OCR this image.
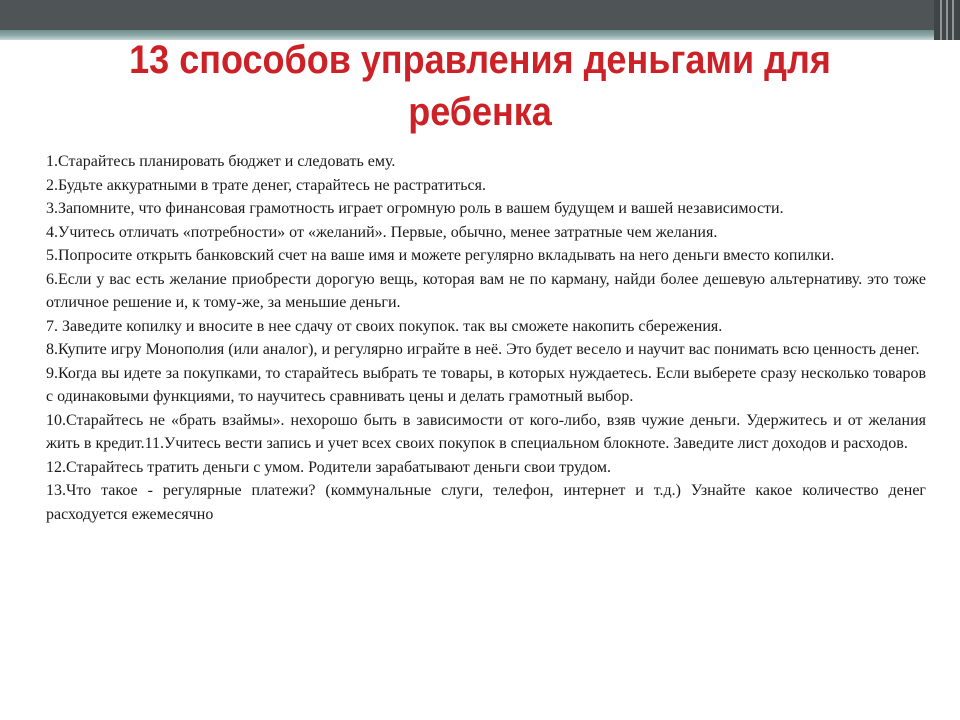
13 способов управления деньгами для ребенка
1.Старайтесь планировать бюджет и следовать ему.
2.Будьте аккуратными в трате денег, старайтесь не растратиться.
3.Запомните, что финансовая грамотность играет огромную роль в вашем будущем и вашей независимости.
4.Учитесь отличать «потребности» от «желаний». Первые, обычно, менее затратные чем желания.
5.Попросите открыть банковский счет на ваше имя и можете регулярно вкладывать на него деньги вместо копилки.
6.Если у вас есть желание приобрести дорогую вещь, которая вам не по карману, найди более дешевую альтернативу. это тоже отличное решение и, к тому-же, за меньшие деньги.
7. Заведите копилку и вносите в нее сдачу от своих покупок. так вы сможете накопить сбережения.
8.Купите игру Монополия (или аналог), и регулярно играйте в неё. Это будет весело и научит вас понимать всю ценность денег.
9.Когда вы идете за покупками, то старайтесь выбрать те товары, в которых нуждаетесь. Если выберете сразу несколько товаров с одинаковыми функциями, то научитесь сравнивать цены и делать грамотный выбор.
10.Старайтесь не «брать взаймы». нехорошо быть в зависимости от кого-либо, взяв чужие деньги. Удержитесь и от желания жить в кредит.11.Учитесь вести запись и учет всех своих покупок в специальном блокноте. Заведите лист доходов и расходов.
12.Старайтесь тратить деньги с умом. Родители зарабатывают деньги свои трудом.
13.Что такое - регулярные платежи? (коммунальные слуги, телефон, интернет и т.д.) Узнайте какое количество денег расходуется ежемесячно
